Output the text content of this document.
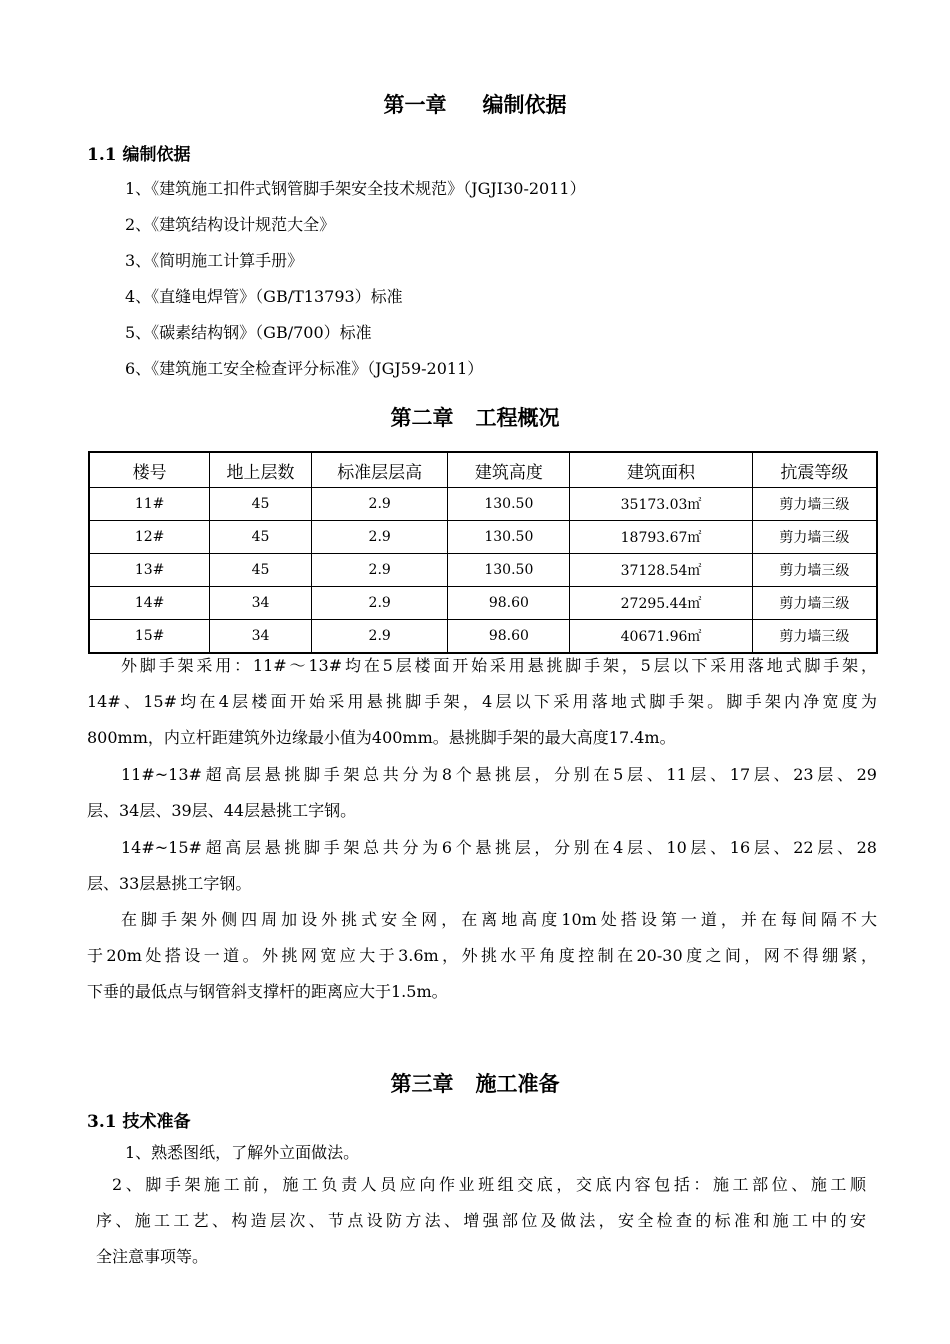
第一章 编制依据
1.1 编制依据
1、《建筑施工扣件式钢管脚手架安全技术规范》（JGJI30-2011）
2、《建筑结构设计规范大全》
3、《简明施工计算手册》
4、《直缝电焊管》（GB/T13793）标准
5、《碳素结构钢》（GB/700）标准
6、《建筑施工安全检查评分标准》（JGJ59-2011）
第二章 工程概况
楼号	地上层数	标准层层高	建筑高度	建筑面积	抗震等级
11#	45	2.9	130.50	35173.03㎡	剪力墙三级
12#	45	2.9	130.50	18793.67㎡	剪力墙三级
13#	45	2.9	130.50	37128.54㎡	剪力墙三级
14#	34	2.9	98.60	27295.44㎡	剪力墙三级
15#	34	2.9	98.60	40671.96㎡	剪力墙三级
外脚手架采用：11#～13#均在5层楼面开始采用悬挑脚手架，5层以下采用落地式脚手架，
14#、15#均在4层楼面开始采用悬挑脚手架，4层以下采用落地式脚手架。脚手架内净宽度为
800mm，内立杆距建筑外边缘最小值为400mm。悬挑脚手架的最大高度17.4m。
11#~13#超高层悬挑脚手架总共分为8个悬挑层，分别在5层、11层、17层、23层、29
层、34层、39层、44层悬挑工字钢。
14#~15#超高层悬挑脚手架总共分为6个悬挑层，分别在4层、10层、16层、22层、28
层、33层悬挑工字钢。
在脚手架外侧四周加设外挑式安全网，在离地高度10m处搭设第一道，并在每间隔不大
于20m处搭设一道。外挑网宽应大于3.6m，外挑水平角度控制在20-30度之间，网不得绷紧，
下垂的最低点与钢管斜支撑杆的距离应大于1.5m。
第三章 施工准备
3.1 技术准备
1、熟悉图纸，了解外立面做法。
2、脚手架施工前，施工负责人员应向作业班组交底，交底内容包括：施工部位、施工顺
序、施工工艺、构造层次、节点设防方法、增强部位及做法，安全检查的标准和施工中的安
全注意事项等。
